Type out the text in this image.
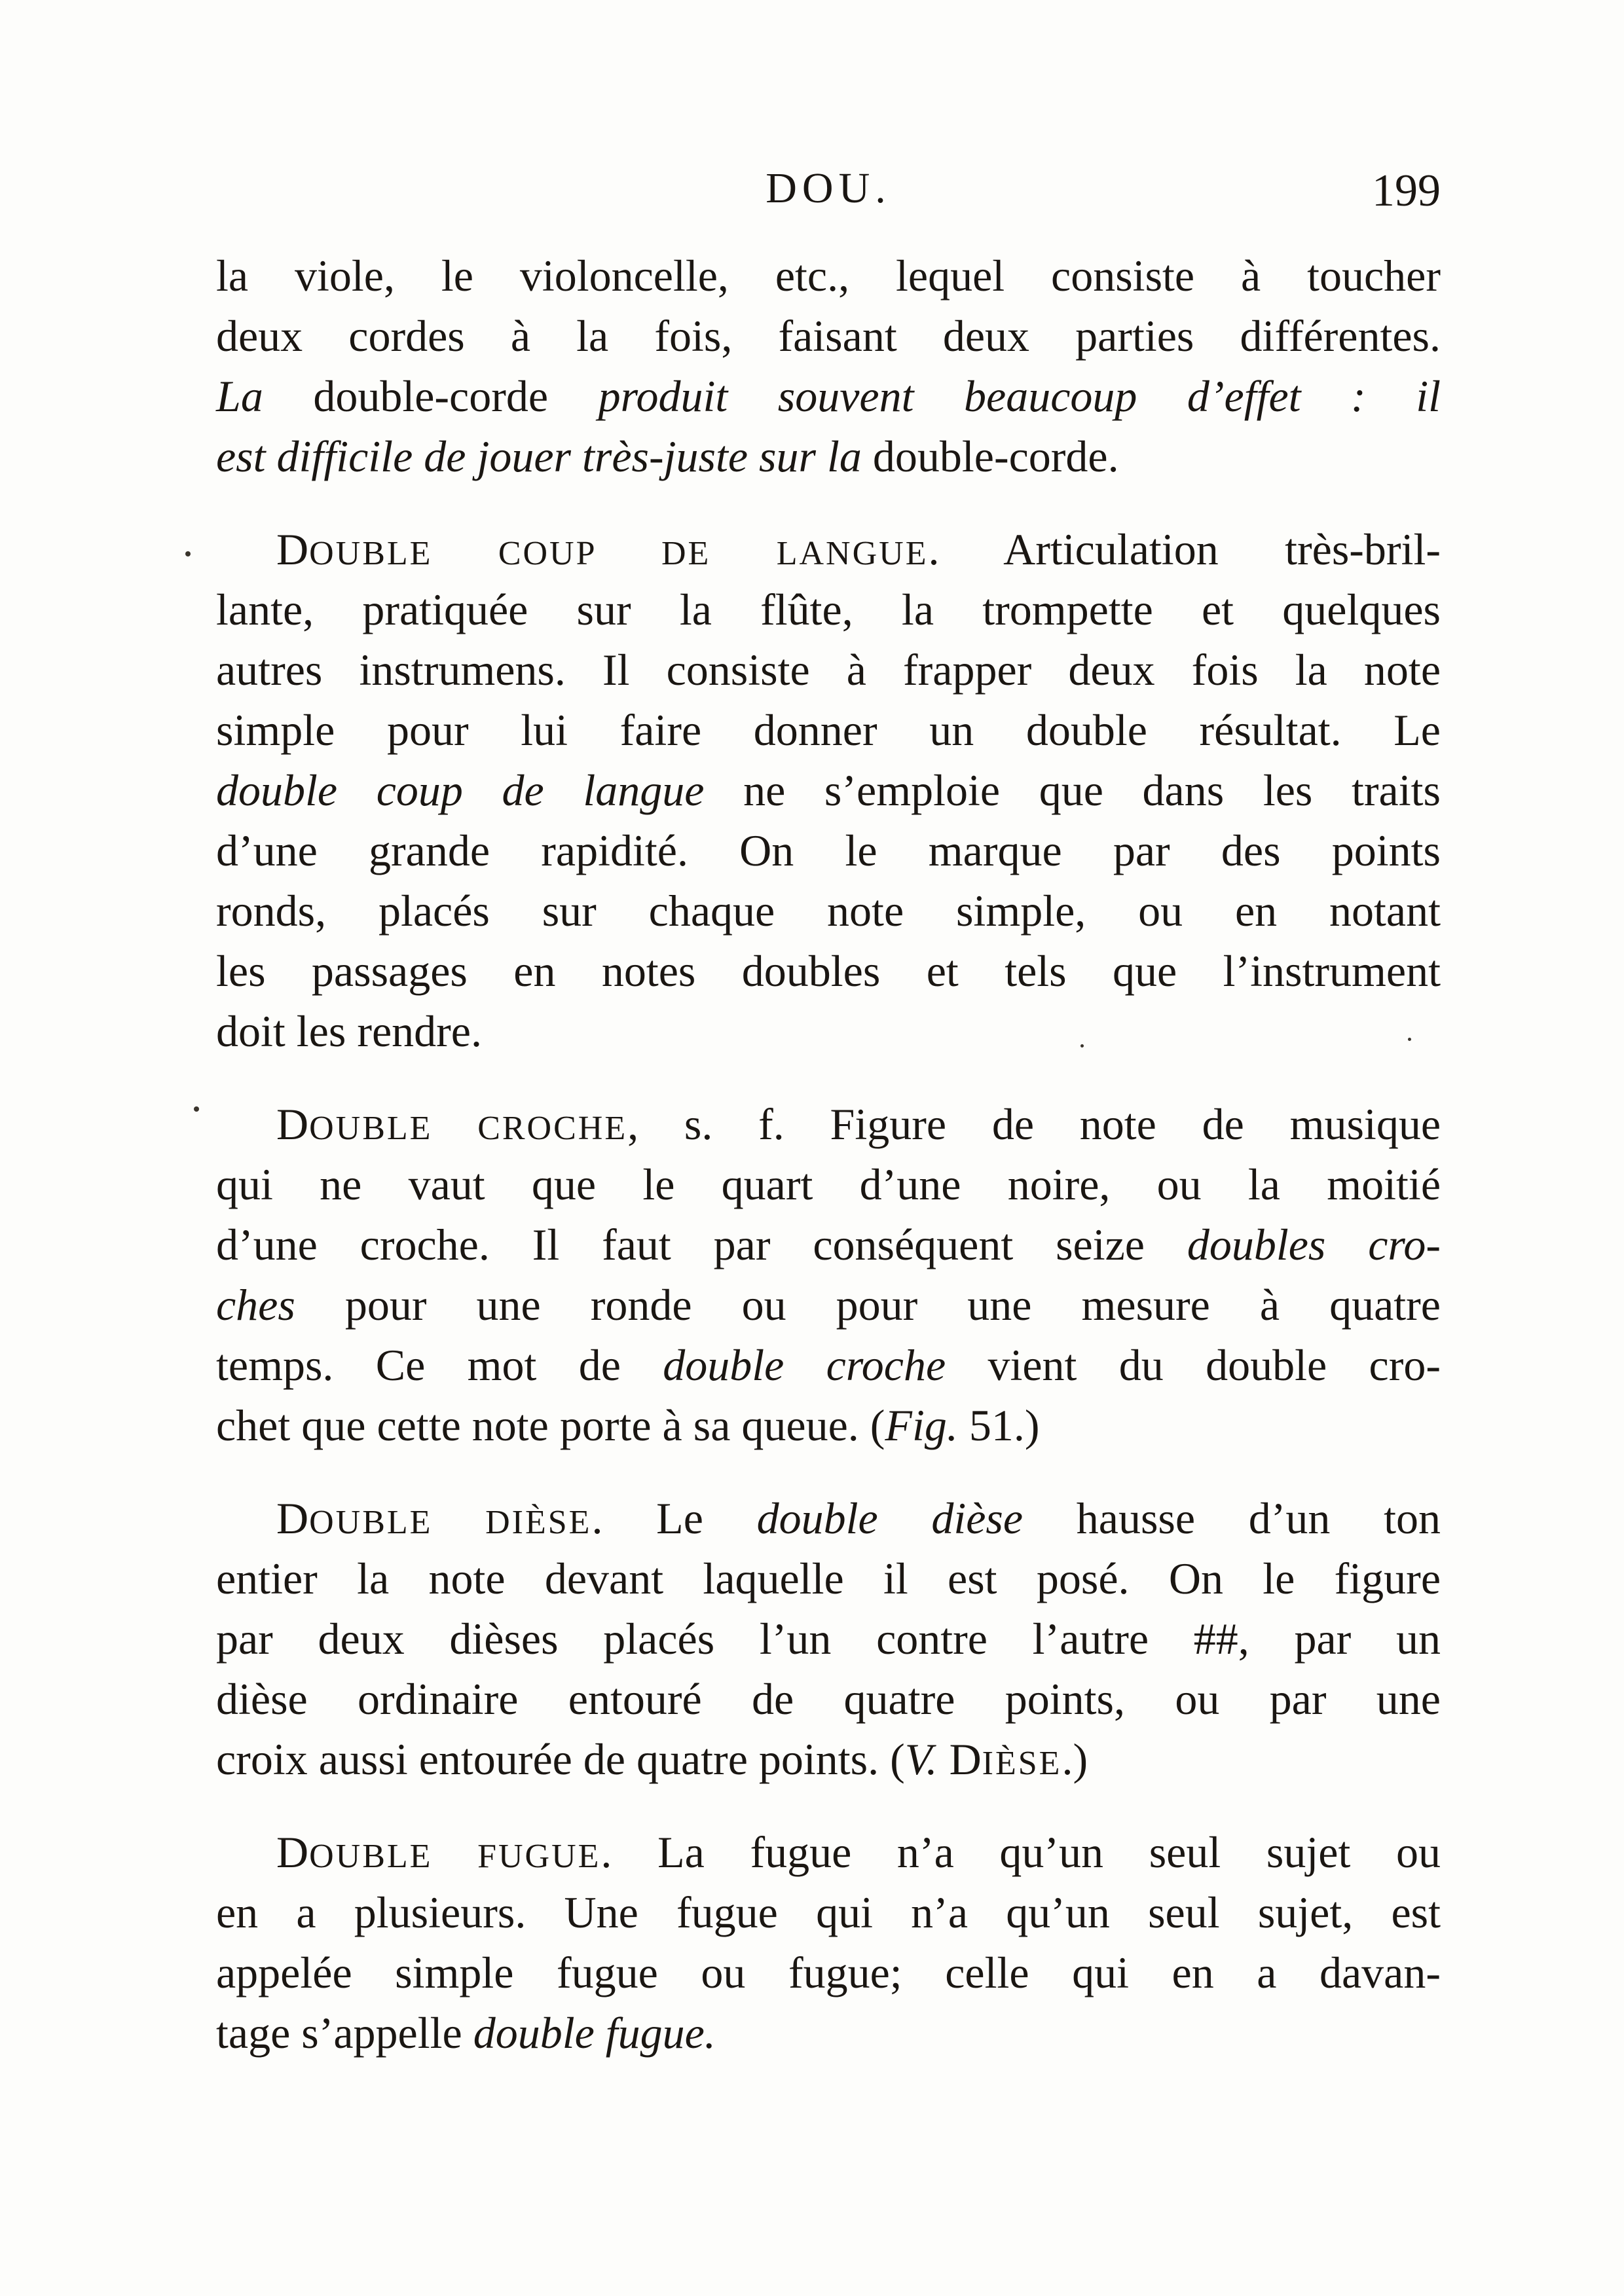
DOU.	199
la viole, le violoncelle, etc., lequel consiste à toucher
deux cordes à la fois, faisant deux parties différentes.
La double-corde produit souvent beaucoup d’effet : il
est difficile de jouer très-juste sur la double-corde.
DOUBLE COUP DE LANGUE. Articulation très-bril-
lante, pratiquée sur la flûte, la trompette et quelques
autres instrumens. Il consiste à frapper deux fois la note
simple pour lui faire donner un double résultat. Le
double coup de langue ne s’emploie que dans les traits
d’une grande rapidité. On le marque par des points
ronds, placés sur chaque note simple, ou en notant
les passages en notes doubles et tels que l’instrument
doit les rendre.
DOUBLE CROCHE, s. f. Figure de note de musique
qui ne vaut que le quart d’une noire, ou la moitié
d’une croche. Il faut par conséquent seize doubles cro-
ches pour une ronde ou pour une mesure à quatre
temps. Ce mot de double croche vient du double cro-
chet que cette note porte à sa queue. (Fig. 51.)
DOUBLE DIÈSE. Le double dièse hausse d’un ton
entier la note devant laquelle il est posé. On le figure
par deux dièses placés l’un contre l’autre ##, par un
dièse ordinaire entouré de quatre points, ou par une
croix aussi entourée de quatre points. (V. DIÈSE.)
DOUBLE FUGUE. La fugue n’a qu’un seul sujet ou
en a plusieurs. Une fugue qui n’a qu’un seul sujet, est
appelée simple fugue ou fugue; celle qui en a davan-
tage s’appelle double fugue.
